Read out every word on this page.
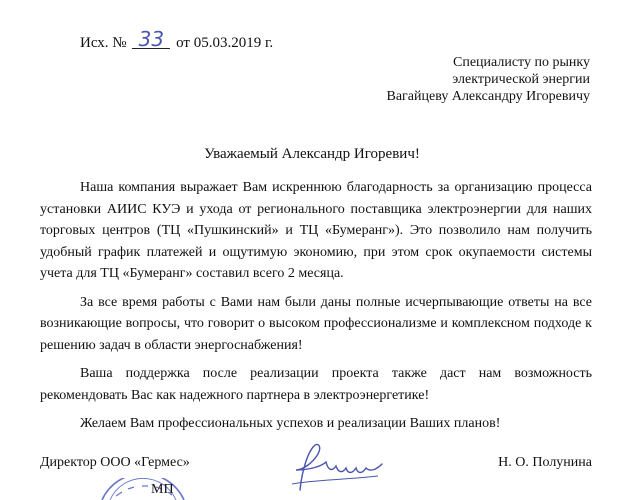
Исх. № 33 от 05.03.2019 г.
Специалисту по рынку
электрической энергии
Вагайцеву Александру Игоревичу
Уважаемый Александр Игоревич!

Наша компания выражает Вам искреннюю благодарность за организацию процесса установки АИИС КУЭ и ухода от регионального поставщика электроэнергии для наших торговых центров (ТЦ «Пушкинский» и ТЦ «Бумеранг»). Это позволило нам получить удобный график платежей и ощутимую экономию, при этом срок окупаемости системы учета для ТЦ «Бумеранг» составил всего 2 месяца.

За все время работы с Вами нам были даны полные исчерпывающие ответы на все возникающие вопросы, что говорит о высоком профессионализме и комплексном подходе к решению задач в области энергоснабжения!

Ваша поддержка после реализации проекта также даст нам возможность рекомендовать Вас как надежного партнера в электроэнергетике!

Желаем Вам профессиональных успехов и реализации Ваших планов!

Директор ООО «Гермес»	Н. О. Полунина
МП
